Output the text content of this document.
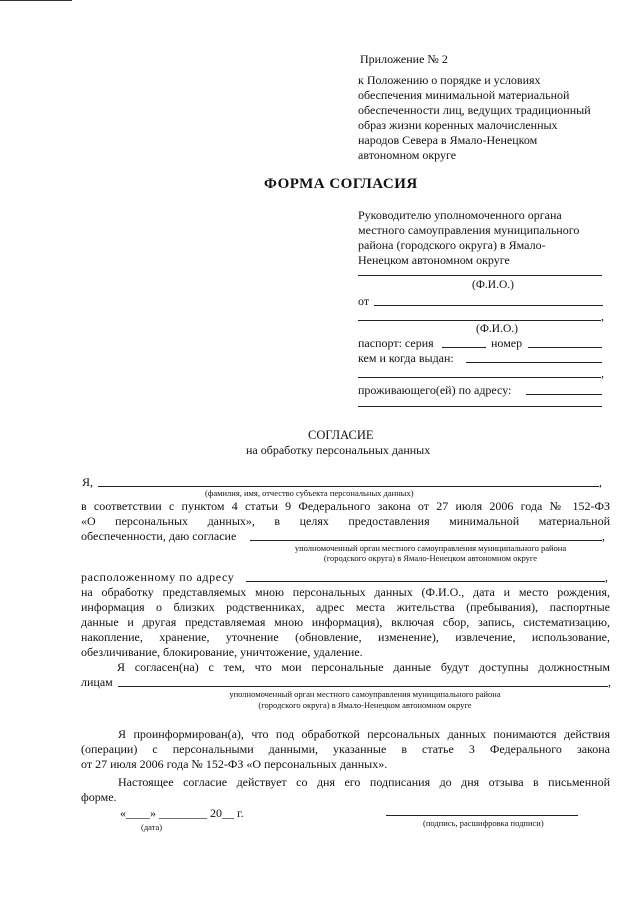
Приложение № 2
к Положению о порядке и условиях
обеспечения минимальной материальной
обеспеченности лиц, ведущих традиционный
образ жизни коренных малочисленных
народов Севера в Ямало-Ненецком
автономном округе
ФОРМА СОГЛАСИЯ
Руководителю уполномоченного органа
местного самоуправления муниципального
района (городского округа) в Ямало-
Ненецком автономном округе
(Ф.И.О.)
от
,
(Ф.И.О.)
паспорт: серия	номер
кем и когда выдан:
,
проживающего(ей) по адресу:
СОГЛАСИЕ
на обработку персональных данных
Я,	,
(фамилия, имя, отчество субъекта персональных данных)
в соответствии с пунктом 4 статьи 9 Федерального закона от 27 июля 2006 года № 152-ФЗ
«О персональных данных», в целях предоставления минимальной материальной
обеспеченности, даю согласие	,
уполномоченный орган местного самоуправления муниципального района
(городского округа) в Ямало-Ненецком автономном округе
расположенному по адресу	,
на обработку представляемых мною персональных данных (Ф.И.О., дата и место рождения,
информация о близких родственниках, адрес места жительства (пребывания), паспортные
данные и другая представляемая мною информация), включая сбор, запись, систематизацию,
накопление, хранение, уточнение (обновление, изменение), извлечение, использование,
обезличивание, блокирование, уничтожение, удаление.
Я согласен(на) с тем, что мои персональные данные будут доступны должностным
лицам	,
уполномоченный орган местного самоуправления муниципального района
(городского округа) в Ямало-Ненецком автономном округе
Я проинформирован(а), что под обработкой персональных данных понимаются действия
(операции) с персональными данными, указанные в статье 3 Федерального закона
от 27 июля 2006 года № 152-ФЗ «О персональных данных».
Настоящее согласие действует со дня его подписания до дня отзыва в письменной
форме.
«____» ________ 20__ г.
(дата)	(подпись, расшифровка подписи)
